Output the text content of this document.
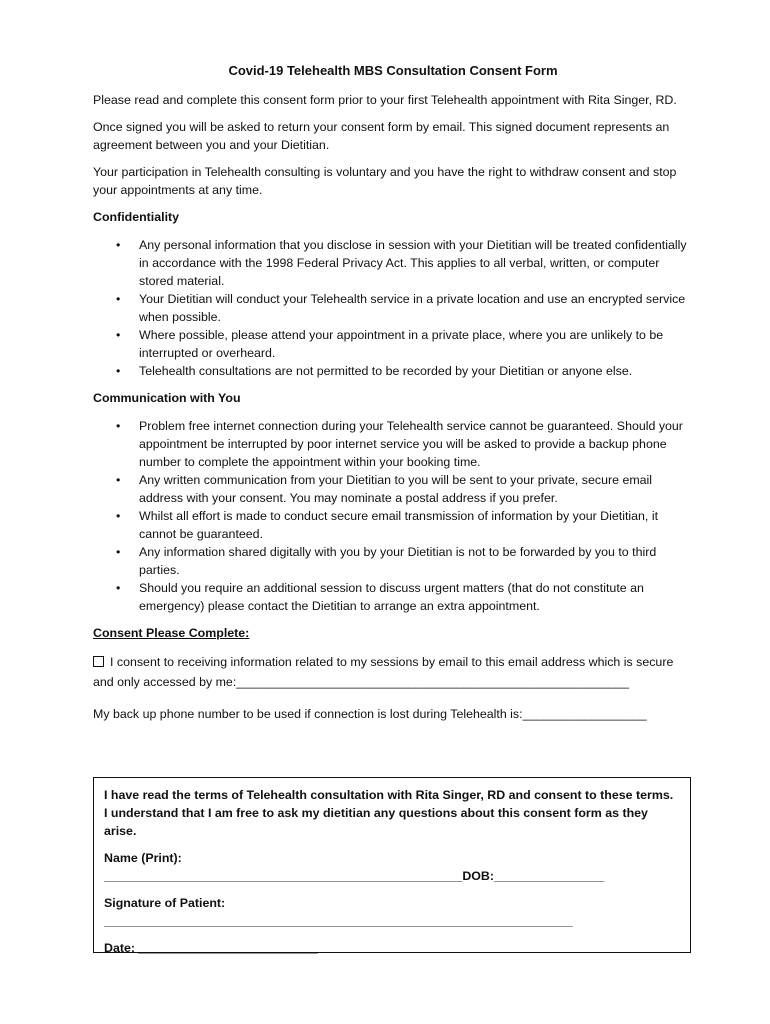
Covid-19 Telehealth MBS Consultation Consent Form

Please read and complete this consent form prior to your first Telehealth appointment with Rita Singer, RD.

Once signed you will be asked to return your consent form by email. This signed document represents an agreement between you and your Dietitian.

Your participation in Telehealth consulting is voluntary and you have the right to withdraw consent and stop your appointments at any time.

Confidentiality
• Any personal information that you disclose in session with your Dietitian will be treated confidentially in accordance with the 1998 Federal Privacy Act. This applies to all verbal, written, or computer stored material.
• Your Dietitian will conduct your Telehealth service in a private location and use an encrypted service when possible.
• Where possible, please attend your appointment in a private place, where you are unlikely to be interrupted or overheard.
• Telehealth consultations are not permitted to be recorded by your Dietitian or anyone else.
Communication with You
• Problem free internet connection during your Telehealth service cannot be guaranteed. Should your appointment be interrupted by poor internet service you will be asked to provide a backup phone number to complete the appointment within your booking time.
• Any written communication from your Dietitian to you will be sent to your private, secure email address with your consent. You may nominate a postal address if you prefer.
• Whilst all effort is made to conduct secure email transmission of information by your Dietitian, it cannot be guaranteed.
• Any information shared digitally with you by your Dietitian is not to be forwarded by you to third parties.
• Should you require an additional session to discuss urgent matters (that do not constitute an emergency) please contact the Dietitian to arrange an extra appointment.
Consent Please Complete:
I consent to receiving information related to my sessions by email to this email address which is secure and only accessed by me:_________________________________________________________
My back up phone number to be used if connection is lost during Telehealth is:__________________
I have read the terms of Telehealth consultation with Rita Singer, RD and consent to these terms. I understand that I am free to ask my dietitian any questions about this consent form as they arise.
Name (Print): ____________________________________________________DOB:________________
Signature of Patient: ____________________________________________________________________
Date: __________________________
